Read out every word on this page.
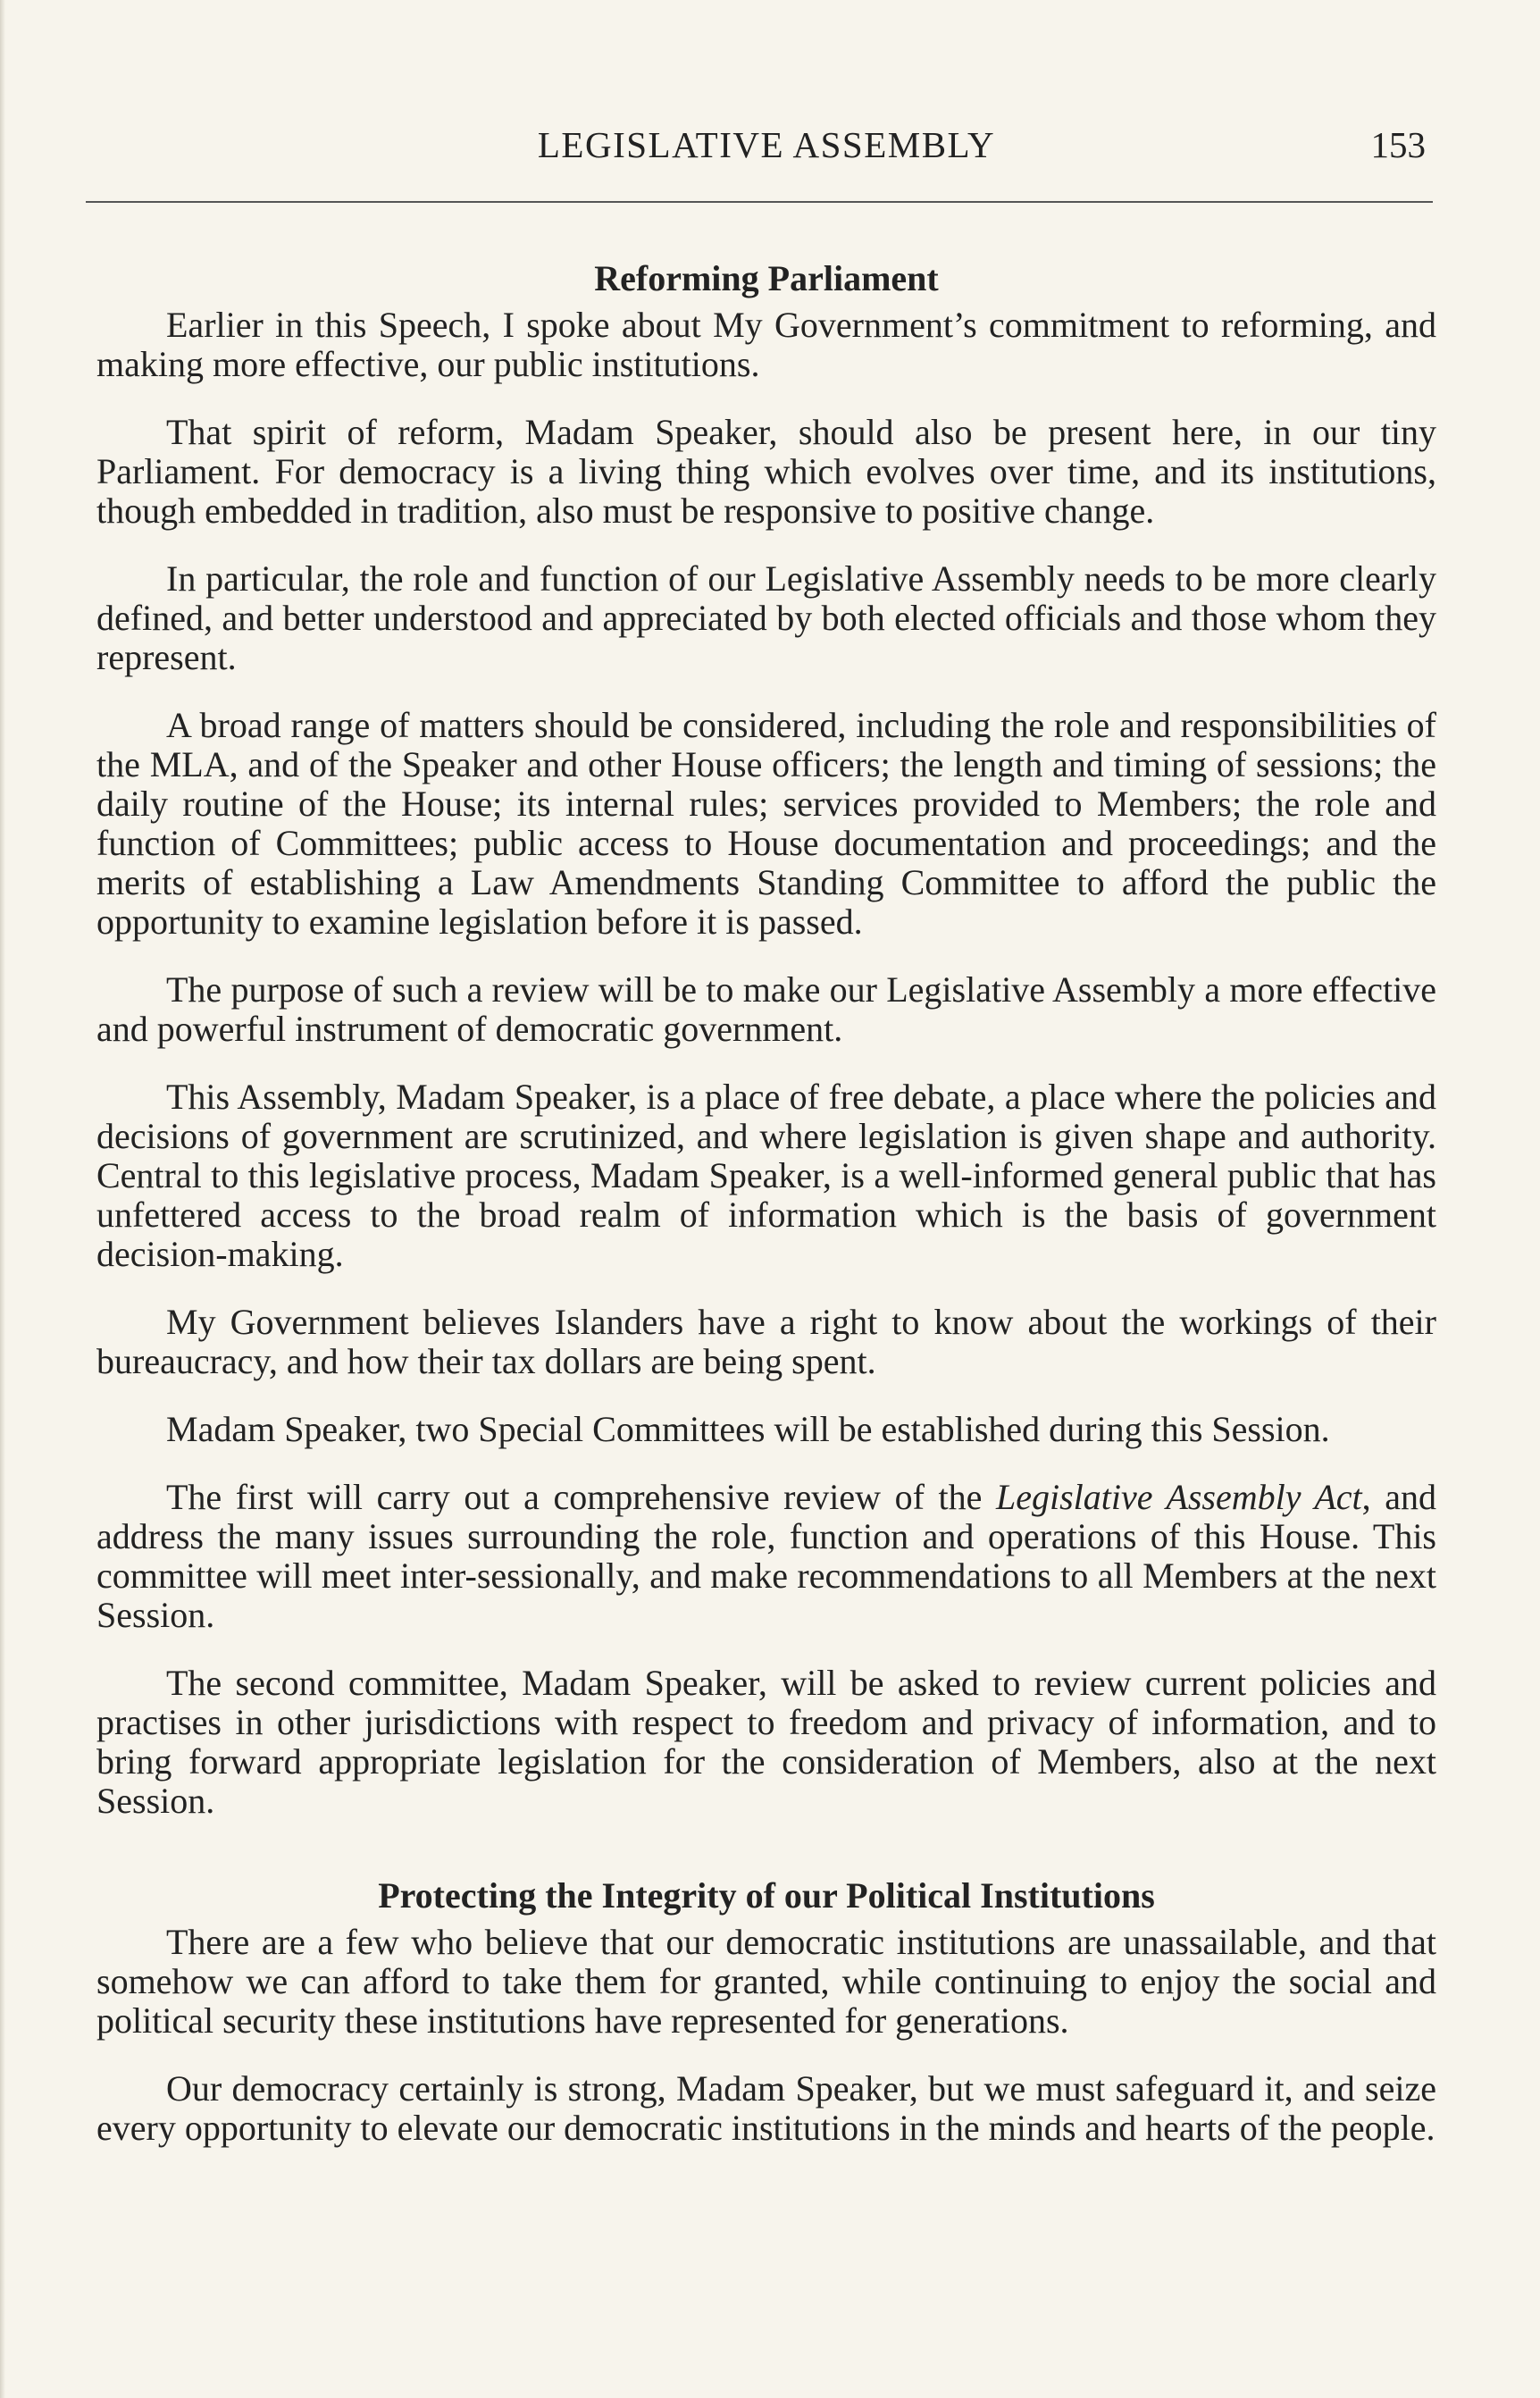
LEGISLATIVE ASSEMBLY	153
Reforming Parliament

Earlier in this Speech, I spoke about My Government’s commitment to reforming, and making more effective, our public institutions.

That spirit of reform, Madam Speaker, should also be present here, in our tiny Parliament. For democracy is a living thing which evolves over time, and its institutions, though embedded in tradition, also must be responsive to positive change.

In particular, the role and function of our Legislative Assembly needs to be more clearly defined, and better understood and appreciated by both elected officials and those whom they represent.

A broad range of matters should be considered, including the role and responsibilities of the MLA, and of the Speaker and other House officers; the length and timing of sessions; the daily routine of the House; its internal rules; services provided to Members; the role and function of Committees; public access to House documentation and proceedings; and the merits of establishing a Law Amendments Standing Committee to afford the public the opportunity to examine legislation before it is passed.

The purpose of such a review will be to make our Legislative Assembly a more effective and powerful instrument of democratic government.

This Assembly, Madam Speaker, is a place of free debate, a place where the policies and decisions of government are scrutinized, and where legislation is given shape and authority. Central to this legislative process, Madam Speaker, is a well-informed general public that has unfettered access to the broad realm of information which is the basis of government decision-making.

My Government believes Islanders have a right to know about the workings of their bureaucracy, and how their tax dollars are being spent.

Madam Speaker, two Special Committees will be established during this Session.

The first will carry out a comprehensive review of the Legislative Assembly Act, and address the many issues surrounding the role, function and operations of this House. This committee will meet inter-sessionally, and make recommendations to all Members at the next Session.

The second committee, Madam Speaker, will be asked to review current policies and practises in other jurisdictions with respect to freedom and privacy of information, and to bring forward appropriate legislation for the consideration of Members, also at the next Session.

Protecting the Integrity of our Political Institutions

There are a few who believe that our democratic institutions are unassailable, and that somehow we can afford to take them for granted, while continuing to enjoy the social and political security these institutions have represented for generations.

Our democracy certainly is strong, Madam Speaker, but we must safeguard it, and seize every opportunity to elevate our democratic institutions in the minds and hearts of the people.
